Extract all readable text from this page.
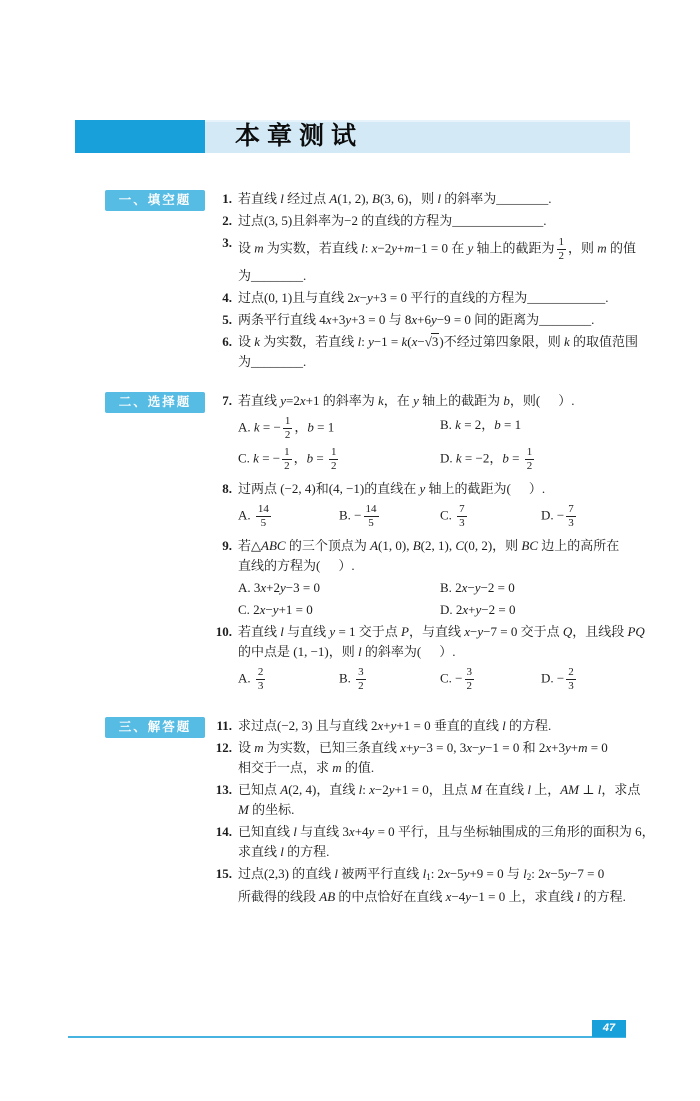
本章测试
一、填空题	1. 若直线 l 经过点 A(1, 2), B(3, 6)，则 l 的斜率为________.
2. 过点(3, 5)且斜率为−2 的直线的方程为______________.
3. 设 m 为实数，若直线 l: x−2y+m−1 = 0 在 y 轴上的截距为 $\frac{1}{2}$ ，则 m 的值
为________.
4. 过点(0, 1)且与直线 2x−y+3 = 0 平行的直线的方程为____________.
5. 两条平行直线 4x+3y+3 = 0 与 8x+6y−9 = 0 间的距离为________.
6. 设 k 为实数，若直线 l: y−1 = k(x−√3)不经过第四象限，则 k 的取值范围
为________.
二、选择题	7. 若直线 y=2x+1 的斜率为 k，在 y 轴上的截距为 b，则( ）.
A. k = − $\frac{1}{2}$ ，b = 1	B. k = 2，b = 1
C. k = − $\frac{1}{2}$ ，$b = \frac{1}{2}$	D. k = −2，$b = \frac{1}{2}$
8. 过两点 (−2, 4)和(4, −1)的直线在 y 轴上的截距为( ）.
A. $\frac{14}{5}$	B. − $\frac{14}{5}$	C. $\frac{7}{3}$	D. − $\frac{7}{3}$
9. 若△ABC 的三个顶点为 A(1, 0), B(2, 1), C(0, 2)，则 BC 边上的高所在
直线的方程为( ）.
A. 3x+2y−3 = 0	B. 2x−y−2 = 0
C. 2x−y+1 = 0	D. 2x+y−2 = 0
10. 若直线 l 与直线 y = 1 交于点 P，与直线 x−y−7 = 0 交于点 Q，且线段 PQ
的中点是 (1, −1)，则 l 的斜率为( ）.
A. $\frac{2}{3}$	B. $\frac{3}{2}$	C. − $\frac{3}{2}$	D. − $\frac{2}{3}$
三、解答题	11. 求过点(−2, 3) 且与直线 2x+y+1 = 0 垂直的直线 l 的方程.
12. 设 m 为实数，已知三条直线 x+y−3 = 0, 3x−y−1 = 0 和 2x+3y+m = 0
相交于一点，求 m 的值.
13. 已知点 A(2, 4)，直线 l: x−2y+1 = 0，且点 M 在直线 l 上，AM ⊥ l，求点
M 的坐标.
14. 已知直线 l 与直线 3x+4y = 0 平行，且与坐标轴围成的三角形的面积为 6，
求直线 l 的方程.
15. 过点(2,3) 的直线 l 被两平行直线 $l_1$: 2x−5y+9 = 0 与 $l_2$: 2x−5y−7 = 0
所截得的线段 AB 的中点恰好在直线 x−4y−1 = 0 上，求直线 l 的方程.
47
